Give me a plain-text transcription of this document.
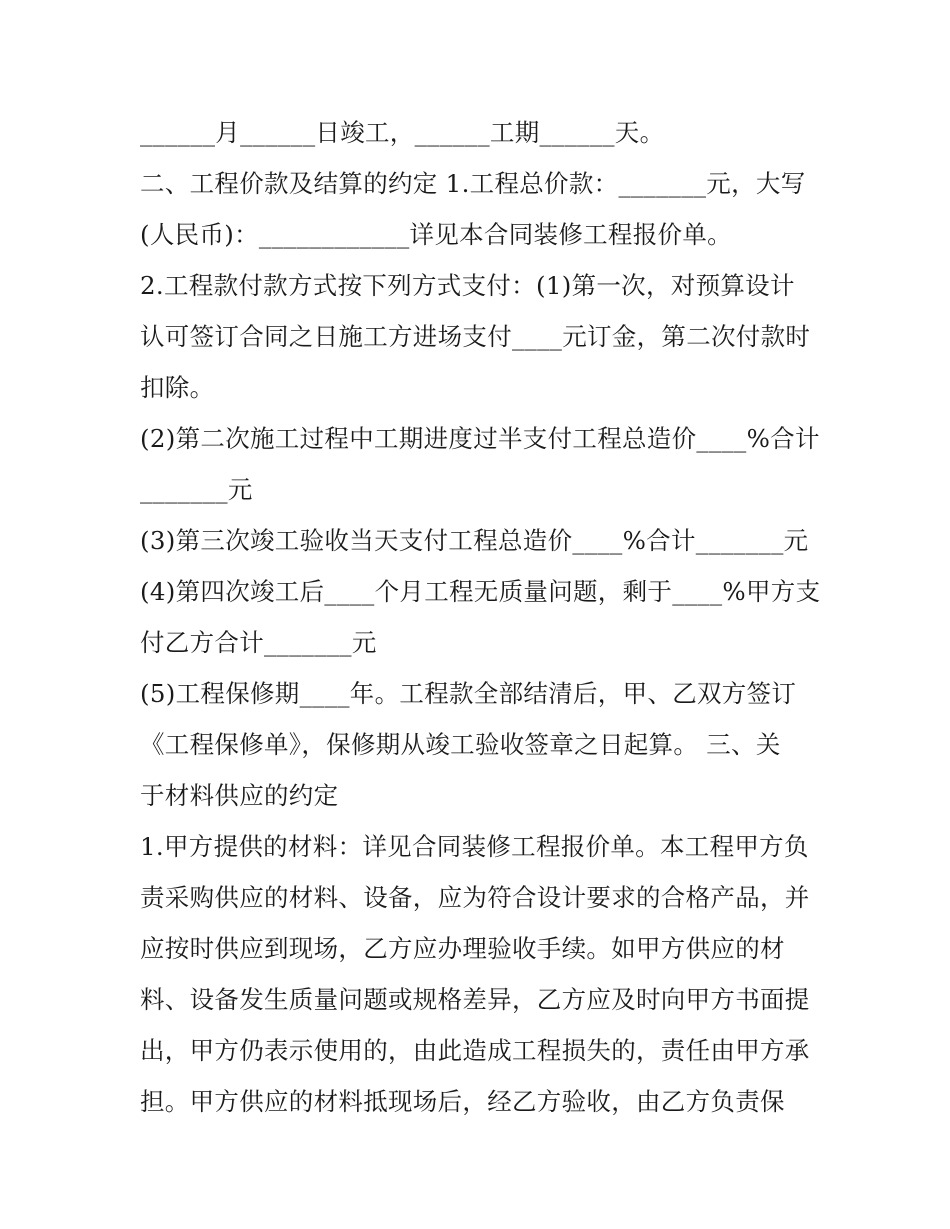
______月______日竣工，______工期______天。
二、工程价款及结算的约定 1.工程总价款：_______元，大写
(人民币)：____________详见本合同装修工程报价单。
2.工程款付款方式按下列方式支付：(1)第一次，对预算设计
认可签订合同之日施工方进场支付____元订金，第二次付款时
扣除。
(2)第二次施工过程中工期进度过半支付工程总造价____%合计
_______元
(3)第三次竣工验收当天支付工程总造价____%合计_______元
(4)第四次竣工后____个月工程无质量问题，剩于____%甲方支
付乙方合计_______元
(5)工程保修期____年。工程款全部结清后，甲、乙双方签订
《工程保修单》，保修期从竣工验收签章之日起算。 三、关
于材料供应的约定
1.甲方提供的材料：详见合同装修工程报价单。本工程甲方负
责采购供应的材料、设备，应为符合设计要求的合格产品，并
应按时供应到现场，乙方应办理验收手续。如甲方供应的材
料、设备发生质量问题或规格差异，乙方应及时向甲方书面提
出，甲方仍表示使用的，由此造成工程损失的，责任由甲方承
担。甲方供应的材料抵现场后，经乙方验收，由乙方负责保
